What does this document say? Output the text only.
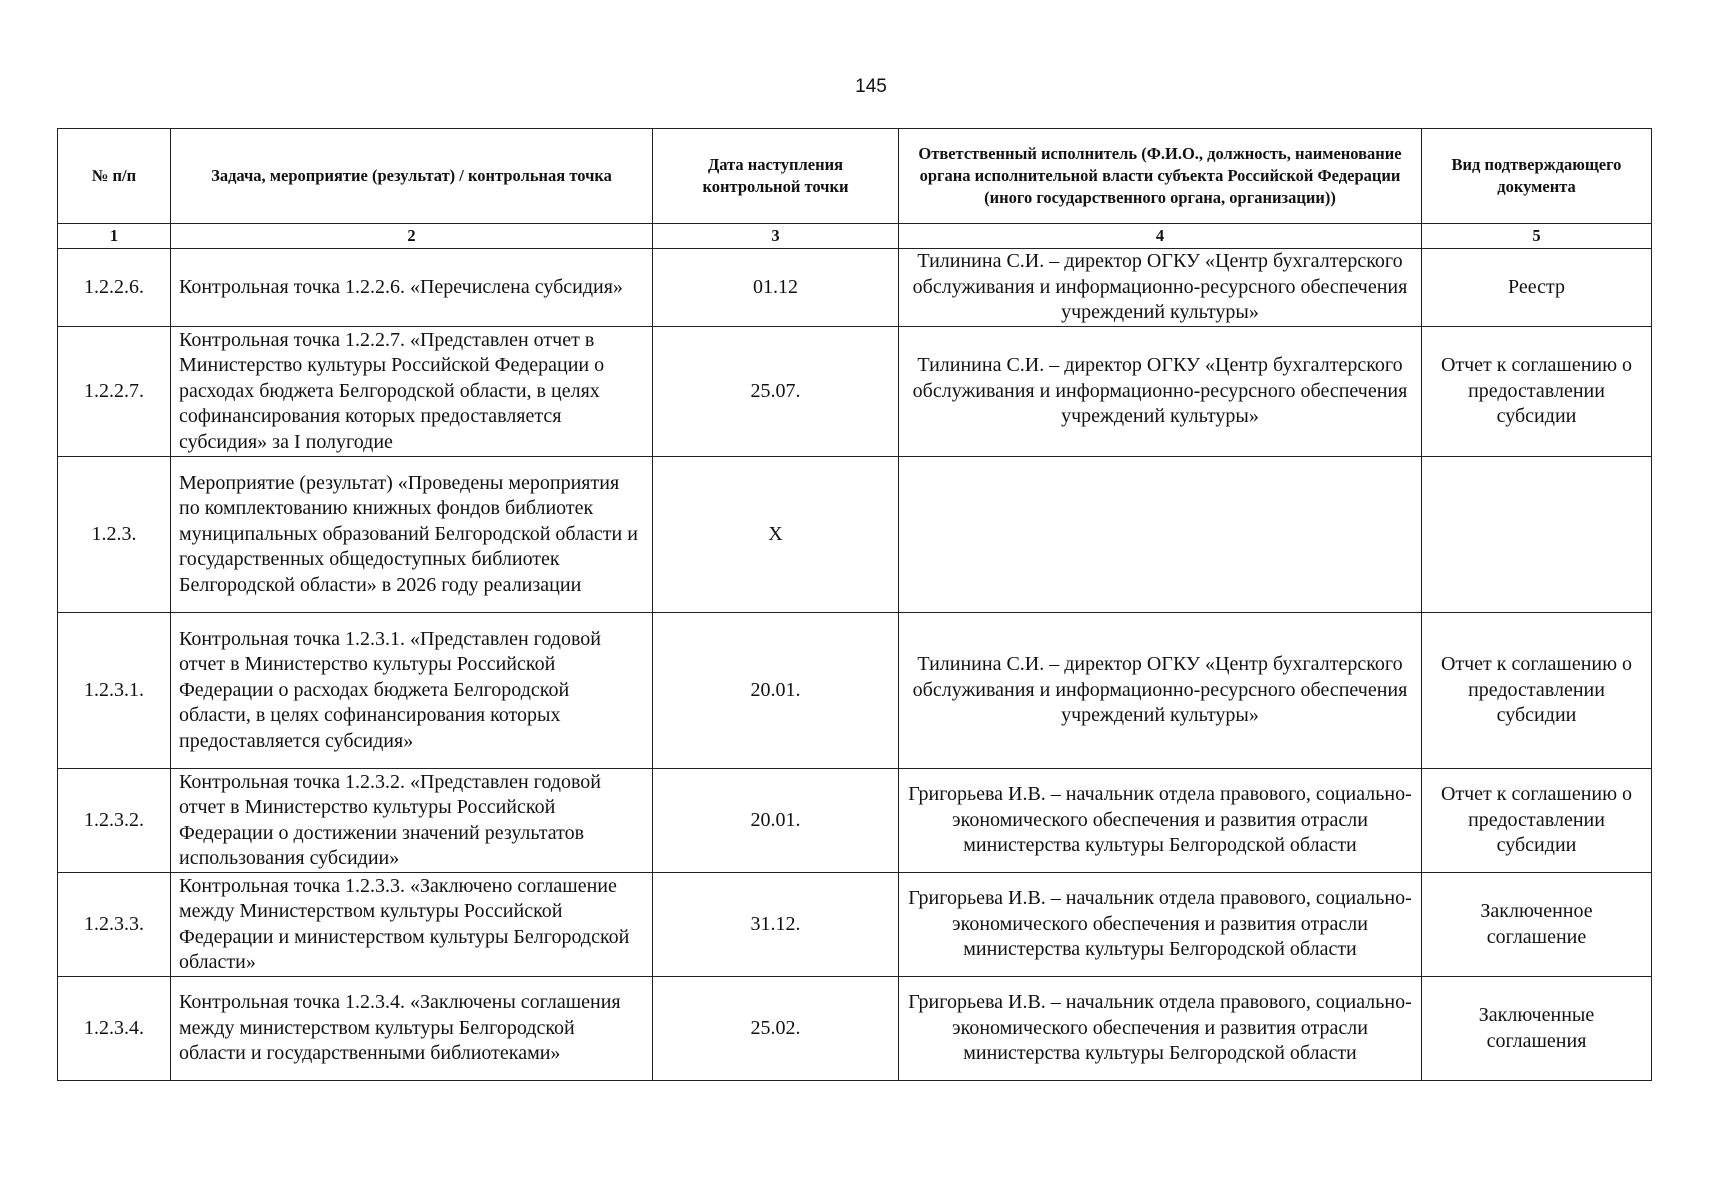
145
№ п/п	Задача, мероприятие (результат) / контрольная точка	Дата наступления контрольной точки	Ответственный исполнитель (Ф.И.О., должность, наименование органа исполнительной власти субъекта Российской Федерации (иного государственного органа, организации))	Вид подтверждающего документа
1	2	3	4	5
1.2.2.6.	Контрольная точка 1.2.2.6. «Перечислена субсидия»	01.12	Тилинина С.И. – директор ОГКУ «Центр бухгалтерского обслуживания и информационно-ресурсного обеспечения учреждений культуры»	Реестр
1.2.2.7.	Контрольная точка 1.2.2.7. «Представлен отчет в Министерство культуры Российской Федерации о расходах бюджета Белгородской области, в целях софинансирования которых предоставляется субсидия» за I полугодие	25.07.	Тилинина С.И. – директор ОГКУ «Центр бухгалтерского обслуживания и информационно-ресурсного обеспечения учреждений культуры»	Отчет к соглашению о предоставлении субсидии
1.2.3.	Мероприятие (результат) «Проведены мероприятия по комплектованию книжных фондов библиотек муниципальных образований Белгородской области и государственных общедоступных библиотек Белгородской области» в 2026 году реализации	X		
1.2.3.1.	Контрольная точка 1.2.3.1. «Представлен годовой отчет в Министерство культуры Российской Федерации о расходах бюджета Белгородской области, в целях софинансирования которых предоставляется субсидия»	20.01.	Тилинина С.И. – директор ОГКУ «Центр бухгалтерского обслуживания и информационно-ресурсного обеспечения учреждений культуры»	Отчет к соглашению о предоставлении субсидии
1.2.3.2.	Контрольная точка 1.2.3.2. «Представлен годовой отчет в Министерство культуры Российской Федерации о достижении значений результатов использования субсидии»	20.01.	Григорьева И.В. – начальник отдела правового, социально-экономического обеспечения и развития отрасли министерства культуры Белгородской области	Отчет к соглашению о предоставлении субсидии
1.2.3.3.	Контрольная точка 1.2.3.3. «Заключено соглашение между Министерством культуры Российской Федерации и министерством культуры Белгородской области»	31.12.	Григорьева И.В. – начальник отдела правового, социально-экономического обеспечения и развития отрасли министерства культуры Белгородской области	Заключенное соглашение
1.2.3.4.	Контрольная точка 1.2.3.4. «Заключены соглашения между министерством культуры Белгородской области и государственными библиотеками»	25.02.	Григорьева И.В. – начальник отдела правового, социально-экономического обеспечения и развития отрасли министерства культуры Белгородской области	Заключенные соглашения
